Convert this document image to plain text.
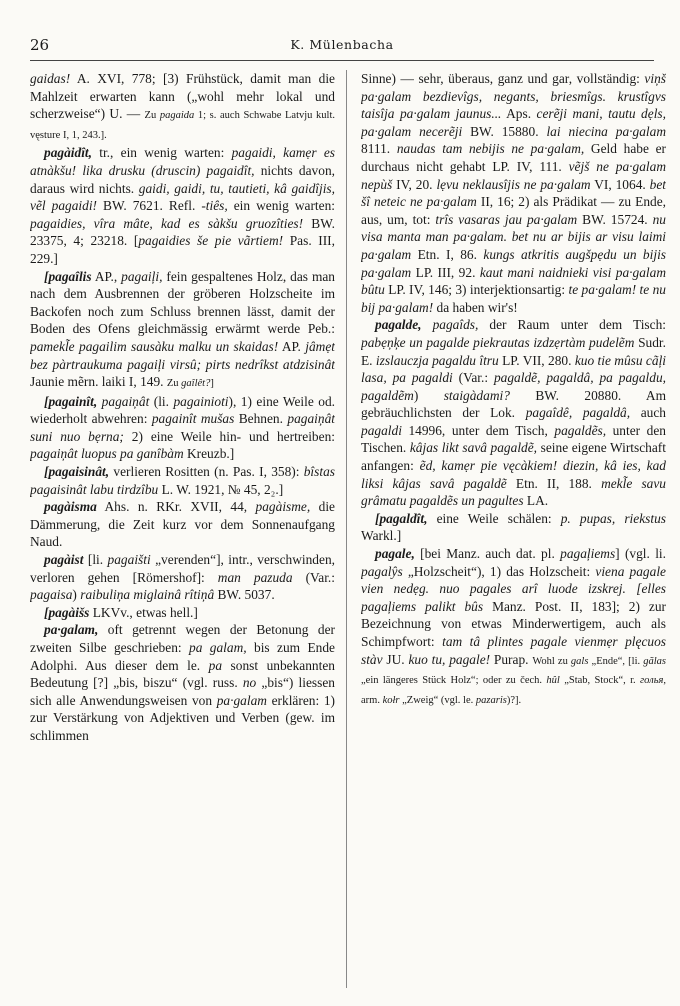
26	K. Mülenbacha

gaidas! A. XVI, 778; [3) Frühstück, damit man die Mahlzeit erwarten kann („wohl mehr lokal und scherzweise“) U. — Zu pagaida 1; s. auch Schwabe Latvju kult. vęsture I, 1, 243.].

pagàidît, tr., ein wenig warten: pagaidi, kamẹr es atnàkšu! lika drusku (druscin) pagaidît, nichts davon, daraus wird nichts. gaidi, gaidi, tu, tautieti, kâ gaidîjis, vẽl pagaidi! BW. 7621. Refl. -tiês, ein wenig warten: pagaidies, vîra mâte, kad es sàkšu gruozîties! BW. 23375, 4; 23218. [pagaidies še pie vãrtiem! Pas. III, 229.]

[pagaîlis AP., pagaiļi, fein gespaltenes Holz, das man nach dem Ausbrennen der gröberen Holzscheite im Backofen noch zum Schluss brennen lässt, damit der Boden des Ofens gleichmässig erwärmt werde Peb.: pamekl̃e pagailim sausàku malku un skaidas! AP. jâmẹt bez pàrtraukuma pagaiļi virsû; pirts nedrîkst atdzisinât Jaunie mẽrn. laiki I, 149. Zu gaîlêt?]

[pagainît, pagaiņât (li. pagainioti), 1) eine Weile od. wiederholt abwehren: pagainît mušas Behnen. pagaiņât suni nuo bẹrna; 2) eine Weile hin- und hertreiben: pagaiņât luopus pa ganîbàm Kreuzb.]

[pagaisinât, verlieren Rositten (n. Pas. I, 358): bîstas pagaisinât labu tirdzîbu L. W. 1921, № 45, 2₂.]

pagàisma Ahs. n. RKr. XVII, 44, pagàisme, die Dämmerung, die Zeit kurz vor dem Sonnenaufgang Naud.

pagàist [li. pagaišti „verenden“], intr., verschwinden, verloren gehen [Römershof]: man pazuda (Var.: pagaisa) raibuliņa miglainâ rîtiņâ BW. 5037.

[pagàišs LKVv., etwas hell.]

pa·galam, oft getrennt wegen der Betonung der zweiten Silbe geschrieben: pa galam, bis zum Ende Adolphi. Aus dieser dem le. pa sonst unbekannten Bedeutung [?] „bis, biszu“ (vgl. russ. no „bis“) liessen sich alle Anwendungsweisen von pa·galam erklären: 1) zur Verstärkung von Adjektiven und Verben (gew. im schlimmen

Sinne) — sehr, überaus, ganz und gar, vollständig: viņš pa·galam bezdievîgs, negants, briesmîgs. krustîgvs taisîja pa·galam jaunus... Aps. cerẽji mani, tautu dẹls, pa·galam necerẽji BW. 15880. lai niecina pa·galam 8111. naudas tam nebijis ne pa·galam, Geld habe er durchaus nicht gehabt LP. IV, 111. vẽjš ne pa·galam nepùš IV, 20. lẹvu neklausîjis ne pa·galam VI, 1064. bet šî neteic ne pa·galam II, 16; 2) als Prädikat — zu Ende, aus, um, tot: trîs vasaras jau pa·galam BW. 15724. nu visa manta man pa·galam. bet nu ar bijis ar visu laimi pa·galam Etn. I, 86. kungs atkritis augšpẹdu un bijis pa·galam LP. III, 92. kaut mani naidnieki visi pa·galam bûtu LP. IV, 146; 3) interjektionsartig: te pa·galam! te nu bij pa·galam! da haben wir's!

pagalde, pagaîds, der Raum unter dem Tisch: pabẹņķe un pagalde piekrautas izdzẹrtàm pudelẽm Sudr. E. izslauczja pagaldu îtru LP. VII, 280. kuo tie mûsu cãļi lasa, pa pagaldi (Var.: pagaldẽ, pagaldâ, pa pagaldu, pagaldẽm) staigàdami? BW. 20880. Am gebräuchlichsten der Lok. pagaîdê, pagaldâ, auch pagaldi 14996, unter dem Tisch, pagaldẽs, unter den Tischen. kâjas likt savâ pagaldẽ, seine eigene Wirtschaft anfangen: ẽd, kamẹr pie vęcàkiem! diezin, kâ ies, kad liksi kâjas savâ pagaldẽ Etn. II, 188. mekl̃e savu grâmatu pagaldẽs un pagultes LA.

[pagaldît, eine Weile schälen: p. pupas, riekstus Warkl.]

pagale, [bei Manz. auch dat. pl. pagaļiems] (vgl. li. pagalŷs „Holzscheit“), 1) das Holzscheit: viena pagale vien nedẹg. nuo pagales arî luode izskrej. [elles pagaļiems palikt bûs Manz. Post. II, 183]; 2) zur Bezeichnung von etwas Minderwertigem, auch als Schimpfwort: tam tâ plintes pagale vienmẹr plęcuos stàv JU. kuo tu, pagale! Purap. Wohl zu gals „Ende“, [li. gãlas „ein längeres Stück Holz“; oder zu čech. hûl „Stab, Stock“, r. голья, arm. kołr „Zweig“ (vgl. le. pazaris)?].
